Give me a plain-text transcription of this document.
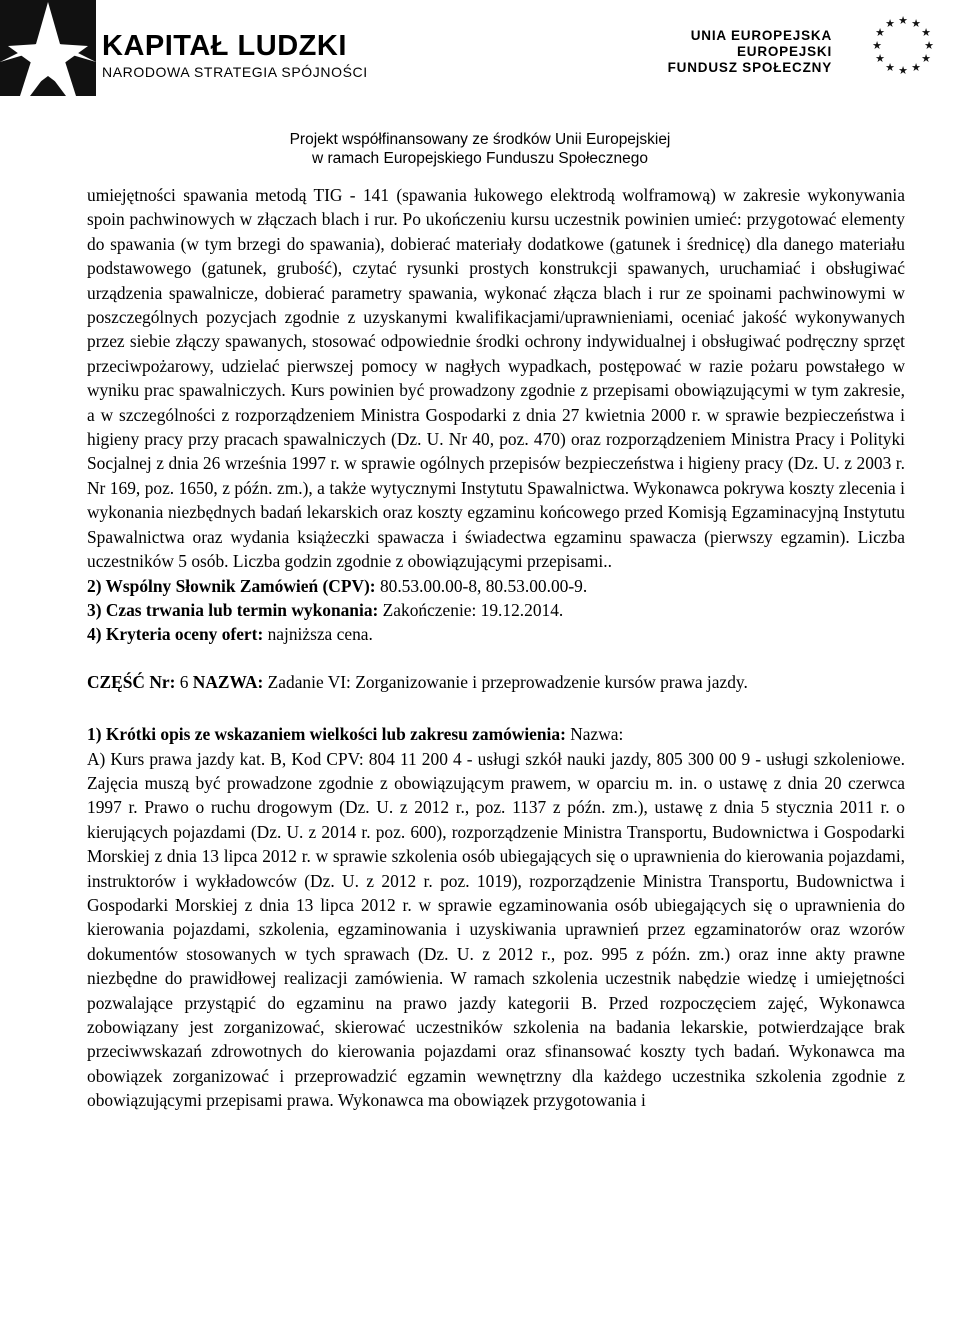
KAPITAŁ LUDZKI
NARODOWA STRATEGIA SPÓJNOŚCI
UNIA EUROPEJSKA
EUROPEJSKI
FUNDUSZ SPOŁECZNY
★ ★
★
★
★
★
★
★
★
★
★
★
Projekt współfinansowany ze środków Unii Europejskiej
w ramach Europejskiego Funduszu Społecznego

umiejętności spawania metodą TIG - 141 (spawania łukowego elektrodą wolframową) w zakresie wykonywania spoin pachwinowych w złączach blach i rur. Po ukończeniu kursu uczestnik powinien umieć: przygotować elementy do spawania (w tym brzegi do spawania), dobierać materiały dodatkowe (gatunek i średnicę) dla danego materiału podstawowego (gatunek, grubość), czytać rysunki prostych konstrukcji spawanych, uruchamiać i obsługiwać urządzenia spawalnicze, dobierać parametry spawania, wykonać złącza blach i rur ze spoinami pachwinowymi w poszczególnych pozycjach zgodnie z uzyskanymi kwalifikacjami/uprawnieniami, oceniać jakość wykonywanych przez siebie złączy spawanych, stosować odpowiednie środki ochrony indywidualnej i obsługiwać podręczny sprzęt przeciwpożarowy, udzielać pierwszej pomocy w nagłych wypadkach, postępować w razie pożaru powstałego w wyniku prac spawalniczych. Kurs powinien być prowadzony zgodnie z przepisami obowiązującymi w tym zakresie, a w szczególności z rozporządzeniem Ministra Gospodarki z dnia 27 kwietnia 2000 r. w sprawie bezpieczeństwa i higieny pracy przy pracach spawalniczych (Dz. U. Nr 40, poz. 470) oraz rozporządzeniem Ministra Pracy i Polityki Socjalnej z dnia 26 września 1997 r. w sprawie ogólnych przepisów bezpieczeństwa i higieny pracy (Dz. U. z 2003 r. Nr 169, poz. 1650, z późn. zm.), a także wytycznymi Instytutu Spawalnictwa. Wykonawca pokrywa koszty zlecenia i wykonania niezbędnych badań lekarskich oraz koszty egzaminu końcowego przed Komisją Egzaminacyjną Instytutu Spawalnictwa oraz wydania książeczki spawacza i świadectwa egzaminu spawacza (pierwszy egzamin). Liczba uczestników 5 osób. Liczba godzin zgodnie z obowiązującymi przepisami..

2) Wspólny Słownik Zamówień (CPV): 80.53.00.00-8, 80.53.00.00-9.

3) Czas trwania lub termin wykonania: Zakończenie: 19.12.2014.

4) Kryteria oceny ofert: najniższa cena.

CZĘŚĆ Nr: 6 NAZWA: Zadanie VI: Zorganizowanie i przeprowadzenie kursów prawa jazdy.

1) Krótki opis ze wskazaniem wielkości lub zakresu zamówienia: Nazwa:

A) Kurs prawa jazdy kat. B, Kod CPV: 804 11 200 4 - usługi szkół nauki jazdy, 805 300 00 9 - usługi szkoleniowe. Zajęcia muszą być prowadzone zgodnie z obowiązującym prawem, w oparciu m. in. o ustawę z dnia 20 czerwca 1997 r. Prawo o ruchu drogowym (Dz. U. z 2012 r., poz. 1137 z późn. zm.), ustawę z dnia 5 stycznia 2011 r. o kierujących pojazdami (Dz. U. z 2014 r. poz. 600), rozporządzenie Ministra Transportu, Budownictwa i Gospodarki Morskiej z dnia 13 lipca 2012 r. w sprawie szkolenia osób ubiegających się o uprawnienia do kierowania pojazdami, instruktorów i wykładowców (Dz. U. z 2012 r. poz. 1019), rozporządzenie Ministra Transportu, Budownictwa i Gospodarki Morskiej z dnia 13 lipca 2012 r. w sprawie egzaminowania osób ubiegających się o uprawnienia do kierowania pojazdami, szkolenia, egzaminowania i uzyskiwania uprawnień przez egzaminatorów oraz wzorów dokumentów stosowanych w tych sprawach (Dz. U. z 2012 r., poz. 995 z późn. zm.) oraz inne akty prawne niezbędne do prawidłowej realizacji zamówienia. W ramach szkolenia uczestnik nabędzie wiedzę i umiejętności pozwalające przystąpić do egzaminu na prawo jazdy kategorii B. Przed rozpoczęciem zajęć, Wykonawca zobowiązany jest zorganizować, skierować uczestników szkolenia na badania lekarskie, potwierdzające brak przeciwwskazań zdrowotnych do kierowania pojazdami oraz sfinansować koszty tych badań. Wykonawca ma obowiązek zorganizować i przeprowadzić egzamin wewnętrzny dla każdego uczestnika szkolenia zgodnie z obowiązującymi przepisami prawa. Wykonawca ma obowiązek przygotowania i
